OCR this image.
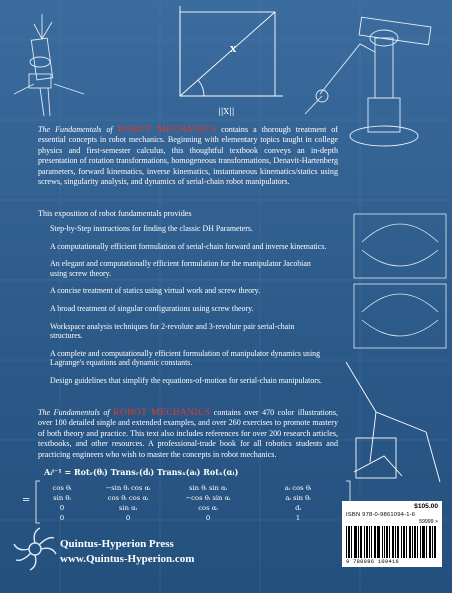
X
||X||
The Fundamentals of ROBOT MECHANICS contains a thorough treatment of essential concepts in robot mechanics. Beginning with elementary topics taught in college physics and first-semester calculus, this thoughtful textbook conveys an in-depth presentation of rotation transformations, homogeneous transformations, Denavit-Hartenberg parameters, forward kinematics, inverse kinematics, instantaneous kinematics/statics using screws, singularity analysis, and dynamics of serial-chain robot manipulators.
This exposition of robot fundamentals provides
Step-by-Step instructions for finding the classic DH Parameters.
A computationally efficient formulation of serial-chain forward and inverse kinematics.
An elegant and computationally efficient formulation for the manipulator Jacobian using screw theory.
A concise treatment of statics using virtual work and screw theory.
A broad treatment of singular configurations using screw theory.
Workspace analysis techniques for 2-revolute and 3-revolute pair serial-chain structures.
A complete and computationally efficient formulation of manipulator dynamics using Lagrange's equations and dynamic constants.
Design guidelines that simplify the equations-of-motion for serial-chain manipulators.
The Fundamentals of ROBOT MECHANICS contains over 470 color illustrations, over 100 detailed single and extended examples, and over 260 exercises to promote mastery of both theory and practice. This text also includes references for over 200 research articles, textbooks, and other resources. A professional-trade book for all robotics students and practicing engineers who wish to master the concepts in robot mechanics.
Aᵢⁱ⁻¹ = Rotᵣ(θᵢ) Transᵣ(dᵢ) Transₓ(aᵢ) Rotₓ(αᵢ)
=
cos θᵢ	−sin θᵢ cos αᵢ	sin θᵢ sin αᵢ	aᵢ cos θᵢ
sin θᵢ	cos θᵢ cos αᵢ	−cos θᵢ sin αᵢ	aᵢ sin θᵢ
0	sin αᵢ	cos αᵢ	dᵢ
0	0	0	1
Quintus-Hyperion Press
www.Quintus-Hyperion.com
$105.00
ISBN 978-0-9861094-1-6
59999 >
9 780986 109416
